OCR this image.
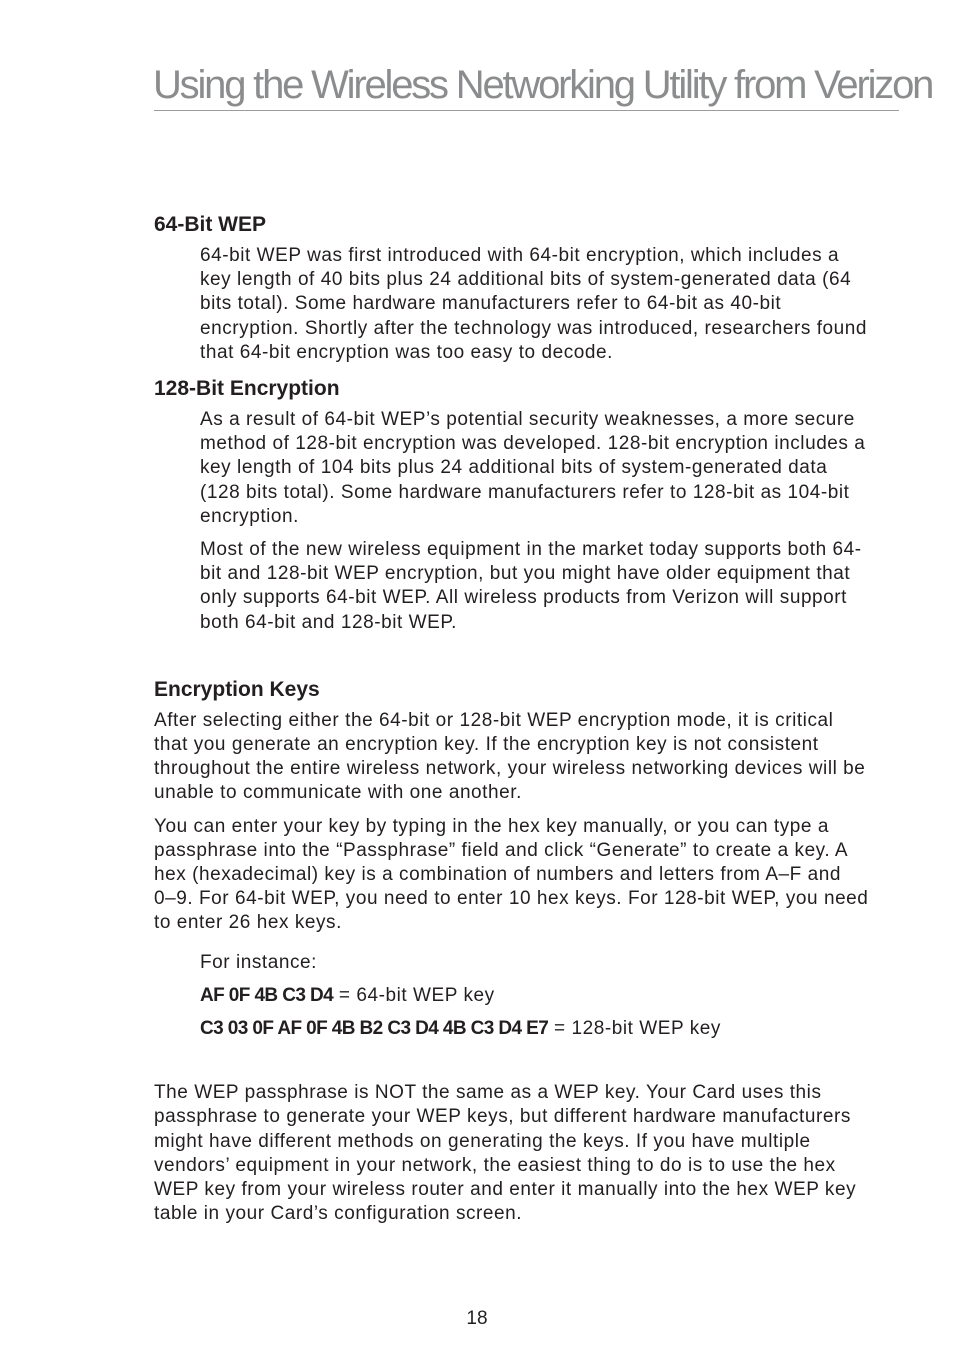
Using the Wireless Networking Utility from Verizon
64-Bit WEP

64-bit WEP was first introduced with 64-bit encryption, which includes a key length of 40 bits plus 24 additional bits of system-generated data (64 bits total). Some hardware manufacturers refer to 64-bit as 40-bit encryption. Shortly after the technology was introduced, researchers found that 64-bit encryption was too easy to decode.

128-Bit Encryption

As a result of 64-bit WEP’s potential security weaknesses, a more secure method of 128-bit encryption was developed. 128-bit encryption includes a key length of 104 bits plus 24 additional bits of system-generated data (128 bits total). Some hardware manufacturers refer to 128-bit as 104-bit encryption.

Most of the new wireless equipment in the market today supports both 64-bit and 128-bit WEP encryption, but you might have older equipment that only supports 64-bit WEP. All wireless products from Verizon will support both 64-bit and 128-bit WEP.

Encryption Keys

After selecting either the 64-bit or 128-bit WEP encryption mode, it is critical that you generate an encryption key. If the encryption key is not consistent throughout the entire wireless network, your wireless networking devices will be unable to communicate with one another.

You can enter your key by typing in the hex key manually, or you can type a passphrase into the “Passphrase” field and click “Generate” to create a key. A hex (hexadecimal) key is a combination of numbers and letters from A–F and 0–9. For 64-bit WEP, you need to enter 10 hex keys. For 128-bit WEP, you need to enter 26 hex keys.

For instance:

AF 0F 4B C3 D4 = 64-bit WEP key

C3 03 0F AF 0F 4B B2 C3 D4 4B C3 D4 E7 = 128-bit WEP key

The WEP passphrase is NOT the same as a WEP key. Your Card uses this passphrase to generate your WEP keys, but different hardware manufacturers might have different methods on generating the keys. If you have multiple vendors’ equipment in your network, the easiest thing to do is to use the hex WEP key from your wireless router and enter it manually into the hex WEP key table in your Card’s configuration screen.

18
